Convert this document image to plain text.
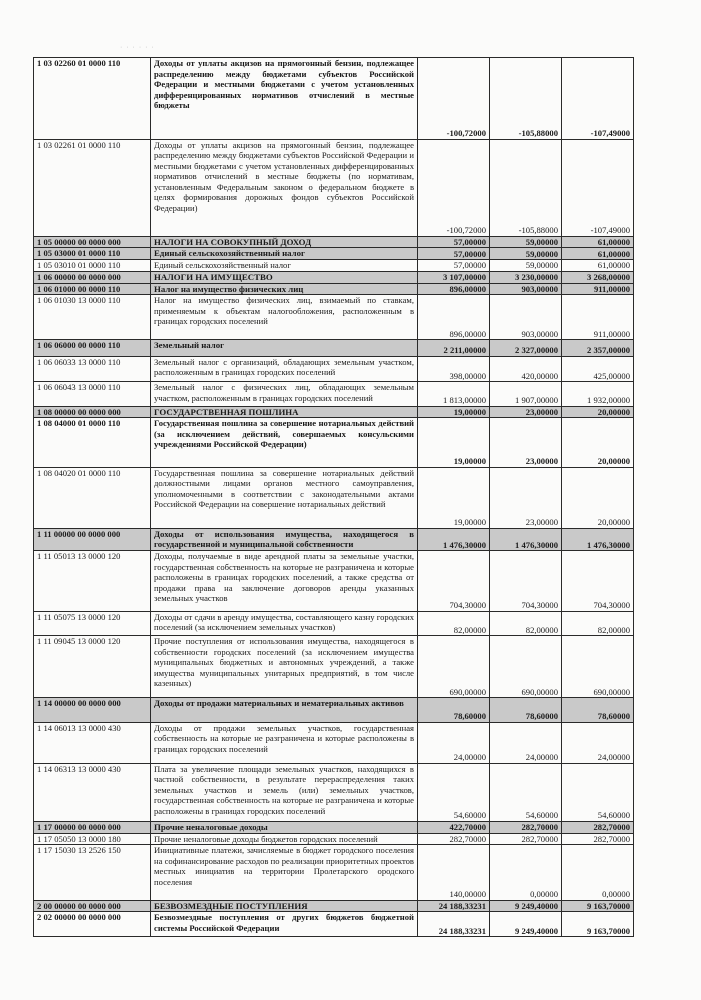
1 03 02260 01 0000 110	Доходы от уплаты акцизов на прямогонный бензин, подлежащее распределению между бюджетами субъектов Российской Федерации и местными бюджетами с учетом установленных дифференцированных нормативов отчислений в местные бюджеты	-100,72000	-105,88000	-107,49000
1 03 02261 01 0000 110	Доходы от уплаты акцизов на прямогонный бензин, подлежащее распределению между бюджетами субъектов Российской Федерации и местными бюджетами с учетом установленных дифференцированных нормативов отчислений в местные бюджеты (по нормативам, установленным Федеральным законом о федеральном бюджете в целях формирования дорожных фондов субъектов Российской Федерации)	-100,72000	-105,88000	-107,49000
1 05 00000 00 0000 000	НАЛОГИ НА СОВОКУПНЫЙ ДОХОД	57,00000	59,00000	61,00000
1 05 03000 01 0000 110	Единый сельскохозяйственный налог	57,00000	59,00000	61,00000
1 05 03010 01 0000 110	Единый сельскохозяйственный налог	57,00000	59,00000	61,00000
1 06 00000 00 0000 000	НАЛОГИ НА ИМУЩЕСТВО	3 107,00000	3 230,00000	3 268,00000
1 06 01000 00 0000 110	Налог на имущество физических лиц	896,00000	903,00000	911,00000
1 06 01030 13 0000 110	Налог на имущество физических лиц, взимаемый по ставкам, применяемым к объектам налогообложения, расположенным в границах городских поселений	896,00000	903,00000	911,00000
1 06 06000 00 0000 110	Земельный налог	2 211,00000	2 327,00000	2 357,00000
1 06 06033 13 0000 110	Земельный налог с организаций, обладающих земельным участком, расположенным в границах городских поселений	398,00000	420,00000	425,00000
1 06 06043 13 0000 110	Земельный налог с физических лиц, обладающих земельным участком, расположенным в границах городских поселений	1 813,00000	1 907,00000	1 932,00000
1 08 00000 00 0000 000	ГОСУДАРСТВЕННАЯ ПОШЛИНА	19,00000	23,00000	20,00000
1 08 04000 01 0000 110	Государственная пошлина за совершение нотариальных действий (за исключением действий, совершаемых консульскими учреждениями Российской Федерации)	19,00000	23,00000	20,00000
1 08 04020 01 0000 110	Государственная пошлина за совершение нотариальных действий должностными лицами органов местного самоуправления, уполномоченными в соответствии с законодательными актами Российской Федерации на совершение нотариальных действий	19,00000	23,00000	20,00000
1 11 00000 00 0000 000	Доходы от использования имущества, находящегося в государственной и муниципальной собственности	1 476,30000	1 476,30000	1 476,30000
1 11 05013 13 0000 120	Доходы, получаемые в виде арендной платы за земельные участки, государственная собственность на которые не разграничена и которые расположены в границах городских поселений, а также средства от продажи права на заключение договоров аренды указанных земельных участков	704,30000	704,30000	704,30000
1 11 05075 13 0000 120	Доходы от сдачи в аренду имущества, составляющего казну городских поселений (за исключением земельных участков)	82,00000	82,00000	82,00000
1 11 09045 13 0000 120	Прочие поступления от использования имущества, находящегося в собственности городских поселений (за исключением имущества муниципальных бюджетных и автономных учреждений, а также имущества муниципальных унитарных предприятий, в том числе казенных)	690,00000	690,00000	690,00000
1 14 00000 00 0000 000	Доходы от продажи материальных и нематериальных активов	78,60000	78,60000	78,60000
1 14 06013 13 0000 430	Доходы от продажи земельных участков, государственная собственность на которые не разграничена и которые расположены в границах городских поселений	24,00000	24,00000	24,00000
1 14 06313 13 0000 430	Плата за увеличение площади земельных участков, находящихся в частной собственности, в результате перераспределения таких земельных участков и земель (или) земельных участков, государственная собственность на которые не разграничена и которые расположены в границах городских поселений	54,60000	54,60000	54,60000
1 17 00000 00 0000 000	Прочие неналоговые доходы	422,70000	282,70000	282,70000
1 17 05050 13 0000 180	Прочие неналоговые доходы бюджетов городских поселений	282,70000	282,70000	282,70000
1 17 15030 13 2526 150	Инициативные платежи, зачисляемые в бюджет городского поселения на софинансирование расходов по реализации приоритетных проектов местных инициатив на территории Пролетарского ородского поселения	140,00000	0,00000	0,00000
2 00 00000 00 0000 000	БЕЗВОЗМЕЗДНЫЕ ПОСТУПЛЕНИЯ	24 188,33231	9 249,40000	9 163,70000
2 02 00000 00 0000 000	Безвозмездные поступления от других бюджетов бюджетной системы Российской Федерации	24 188,33231	9 249,40000	9 163,70000
· · · · · ·
